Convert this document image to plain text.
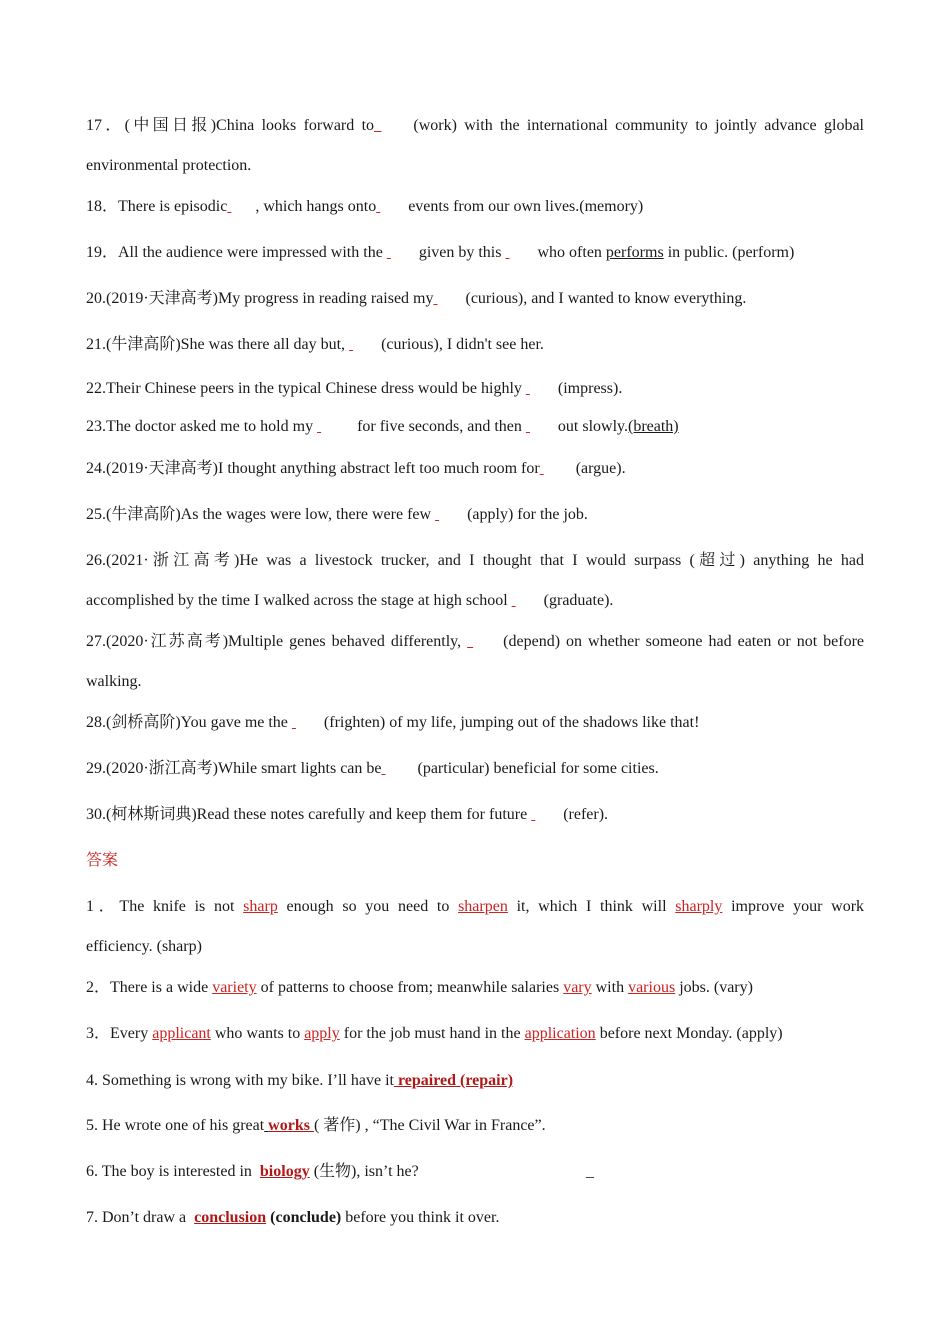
17．(中国日报)China looks forward to (work) with the international community to jointly advance global
environmental protection.
18．There is episodic , which hangs onto events from our own lives.(memory)
19．All the audience were impressed with the given by this who often performs in public. (perform)
20.(2019·天津高考)My progress in reading raised my (curious), and I wanted to know everything.
21.(牛津高阶)She was there all day but, (curious), I didn't see her.
22.Their Chinese peers in the typical Chinese dress would be highly (impress).
23.The doctor asked me to hold my	for five seconds, and then out slowly.(breath)
24.(2019·天津高考)I thought anything abstract left too much room for (argue).
25.(牛津高阶)As the wages were low, there were few (apply) for the job.
26.(2021·浙江高考)He was a livestock trucker, and I thought that I would surpass (超过) anything he had
accomplished by the time I walked across the stage at high school (graduate).
27.(2020·江苏高考)Multiple genes behaved differently,	(depend) on whether someone had eaten or not before
walking.
28.(剑桥高阶)You gave me the (frighten) of my life, jumping out of the shadows like that!
29.(2020·浙江高考)While smart lights can be (particular) beneficial for some cities.
30.(柯林斯词典)Read these notes carefully and keep them for future (refer).
答案
1．The knife is not sharp enough so you need to sharpen it, which I think will sharply improve your work
efficiency. (sharp)
2．There is a wide variety of patterns to choose from; meanwhile salaries vary with various jobs. (vary)
3．Every applicant who wants to apply for the job must hand in the application before next Monday. (apply)
4. Something is wrong with my bike. I’ll have it repaired (repair)
5. He wrote one of his great works ( 著作) , “The Civil War in France”.
6. The boy is interested in biology (生物), isn’t he?	_
7. Don’t draw a conclusion (conclude) before you think it over.
